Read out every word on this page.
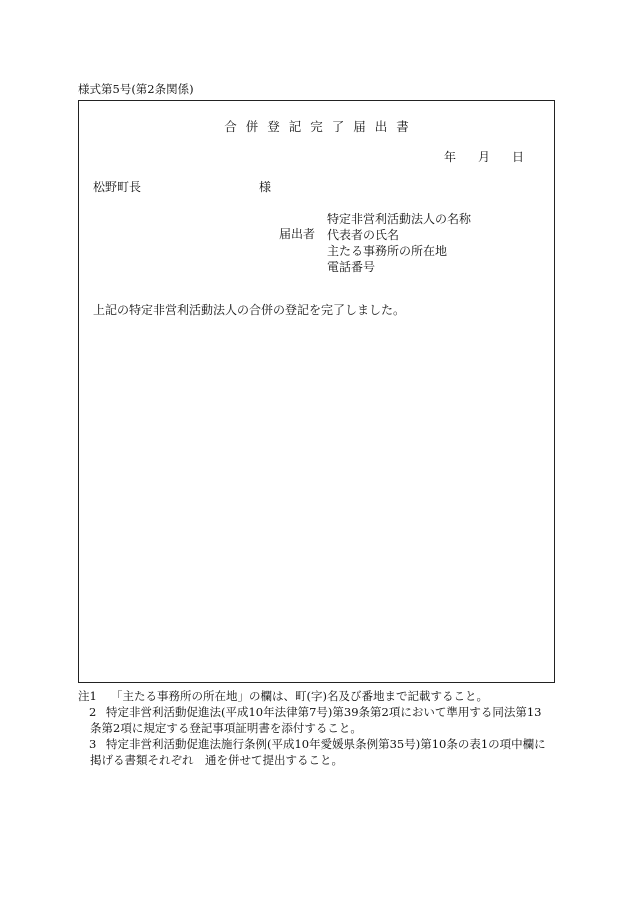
様式第5号(第2条関係)
合併登記完了届出書
年 月 日
松野町長	様
届出者
特定非営利活動法人の名称
代表者の氏名
主たる事務所の所在地
電話番号
上記の特定非営利活動法人の合併の登記を完了しました。
注1	「主たる事務所の所在地」の欄は、町(字)名及び番地まで記載すること。
2 特定非営利活動促進法(平成10年法律第7号)第39条第2項において準用する同法第13
条第2項に規定する登記事項証明書を添付すること。
3 特定非営利活動促進法施行条例(平成10年愛媛県条例第35号)第10条の表1の項中欄に
掲げる書類それぞれ　通を併せて提出すること。
